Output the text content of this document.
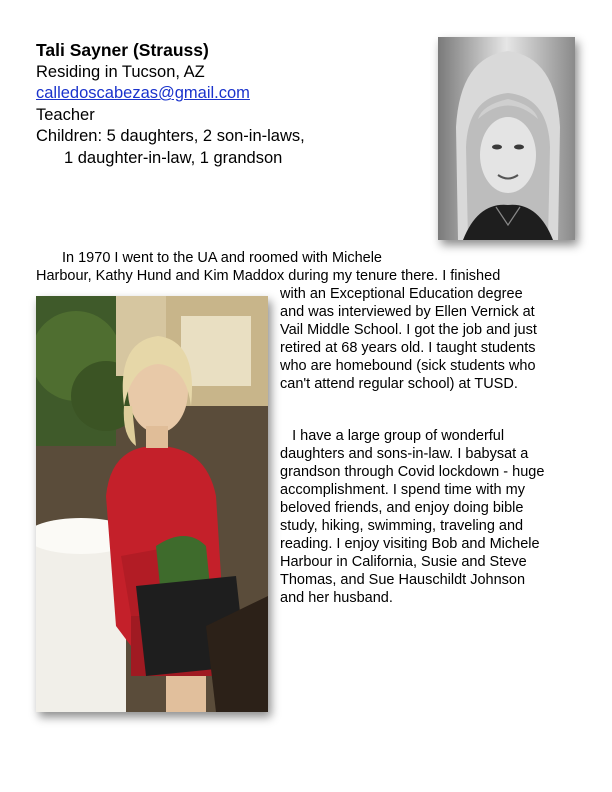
Tali Sayner (Strauss)
Residing in Tucson, AZ
calledoscabezas@gmail.com
Teacher
Children: 5 daughters, 2 son-in-laws,
1 daughter-in-law, 1 grandson
In 1970 I went to the UA and roomed with Michele
Harbour, Kathy Hund and Kim Maddox during my tenure there. I finished
with an Exceptional Education degree
and was interviewed by Ellen Vernick at
Vail Middle School. I got the job and just
retired at 68 years old. I taught students
who are homebound (sick students who
can't attend regular school) at TUSD.
I have a large group of wonderful
daughters and sons-in-law. I babysat a
grandson through Covid lockdown - huge
accomplishment. I spend time with my
beloved friends, and enjoy doing bible
study, hiking, swimming, traveling and
reading. I enjoy visiting Bob and Michele
Harbour in California, Susie and Steve
Thomas, and Sue Hauschildt Johnson
and her husband.
